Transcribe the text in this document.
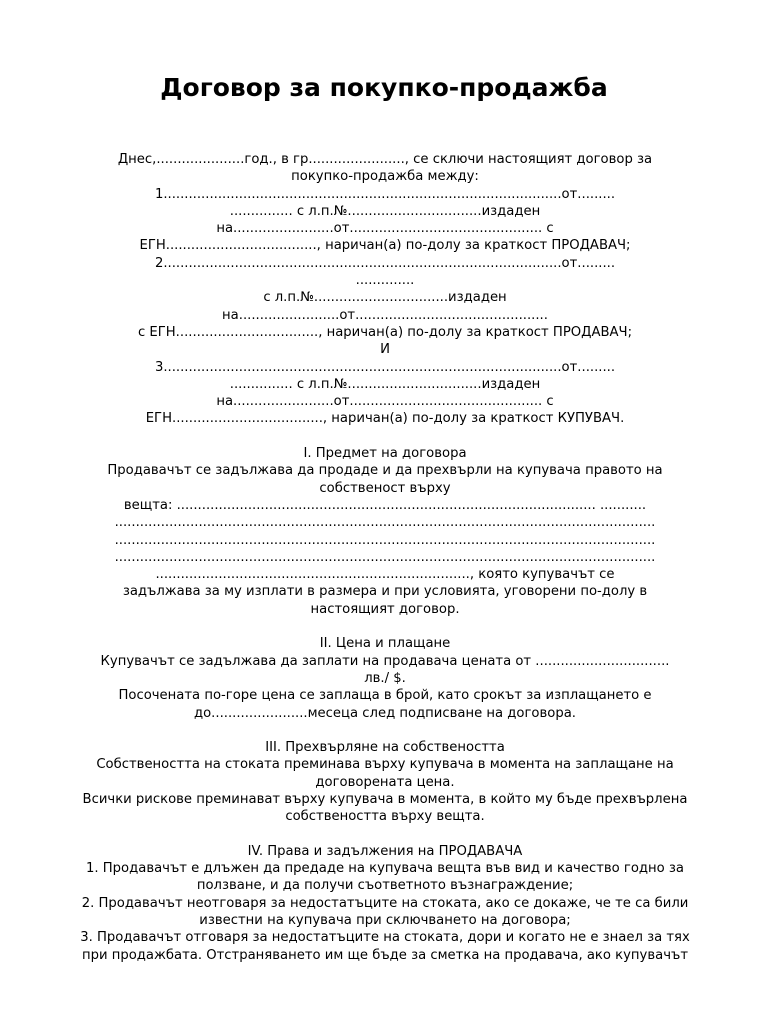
Договор за покупко-продажба
Днес,.....................год., в гр......................., се сключи настоящият договор за
покупко-продажба между:
1...............................................................................................от.........
............... с л.п.№................................издаден
на........................от.............................................. с
ЕГН...................................., наричан(а) по-долу за краткост ПРОДАВАЧ;
2...............................................................................................от.........
..............
с л.п.№................................издаден
на........................от..............................................
с ЕГН.................................., наричан(а) по-долу за краткост ПРОДАВАЧ;
И
3...............................................................................................от.........
............... с л.п.№................................издаден
на........................от.............................................. с
ЕГН...................................., наричан(а) по-долу за краткост КУПУВАЧ.
I. Предмет на договора
Продавачът се задължава да продаде и да прехвърли на купувача правото на
собственост върху
вещта: .................................................................................................... ...........
.................................................................................................................................
.................................................................................................................................
.................................................................................................................................
..........................................................................., която купувачът се
задължава за му изплати в размера и при условията, уговорени по-долу в
настоящият договор.
II. Цена и плащане
Купувачът се задължава да заплати на продавача цената от ................................
лв./ $.
Посочената по-горе цена се заплаща в брой, като срокът за изплащането е
до.......................месеца след подписване на договора.
III. Прехвърляне на собствеността
Собствеността на стоката преминава върху купувача в момента на заплащане на
договорената цена.
Всички рискове преминават върху купувача в момента, в който му бъде прехвърлена
собствеността върху вещта.
IV. Права и задължения на ПРОДАВАЧА
1. Продавачът е длъжен да предаде на купувача вещта във вид и качество годно за
ползване, и да получи съответното възнаграждение;
2. Продавачът неотговаря за недостатъците на стоката, ако се докаже, че те са били
известни на купувача при сключването на договора;
3. Продавачът отговаря за недостатъците на стоката, дори и когато не е знаел за тях
при продажбата. Отстраняването им ще бъде за сметка на продавача, ако купувачът
